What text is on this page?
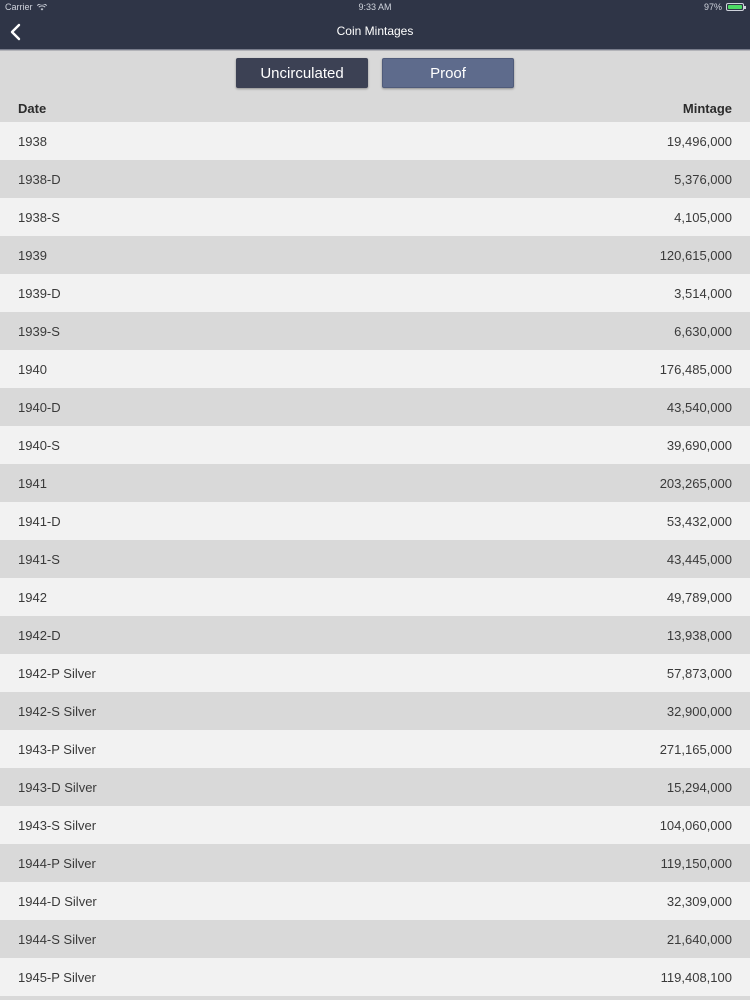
Carrier	9:33 AM	97%
Coin Mintages
Uncirculated	Proof
Date	Mintage
1938	19,496,000
1938-D	5,376,000
1938-S	4,105,000
1939	120,615,000
1939-D	3,514,000
1939-S	6,630,000
1940	176,485,000
1940-D	43,540,000
1940-S	39,690,000
1941	203,265,000
1941-D	53,432,000
1941-S	43,445,000
1942	49,789,000
1942-D	13,938,000
1942-P Silver	57,873,000
1942-S Silver	32,900,000
1943-P Silver	271,165,000
1943-D Silver	15,294,000
1943-S Silver	104,060,000
1944-P Silver	119,150,000
1944-D Silver	32,309,000
1944-S Silver	21,640,000
1945-P Silver	119,408,100
